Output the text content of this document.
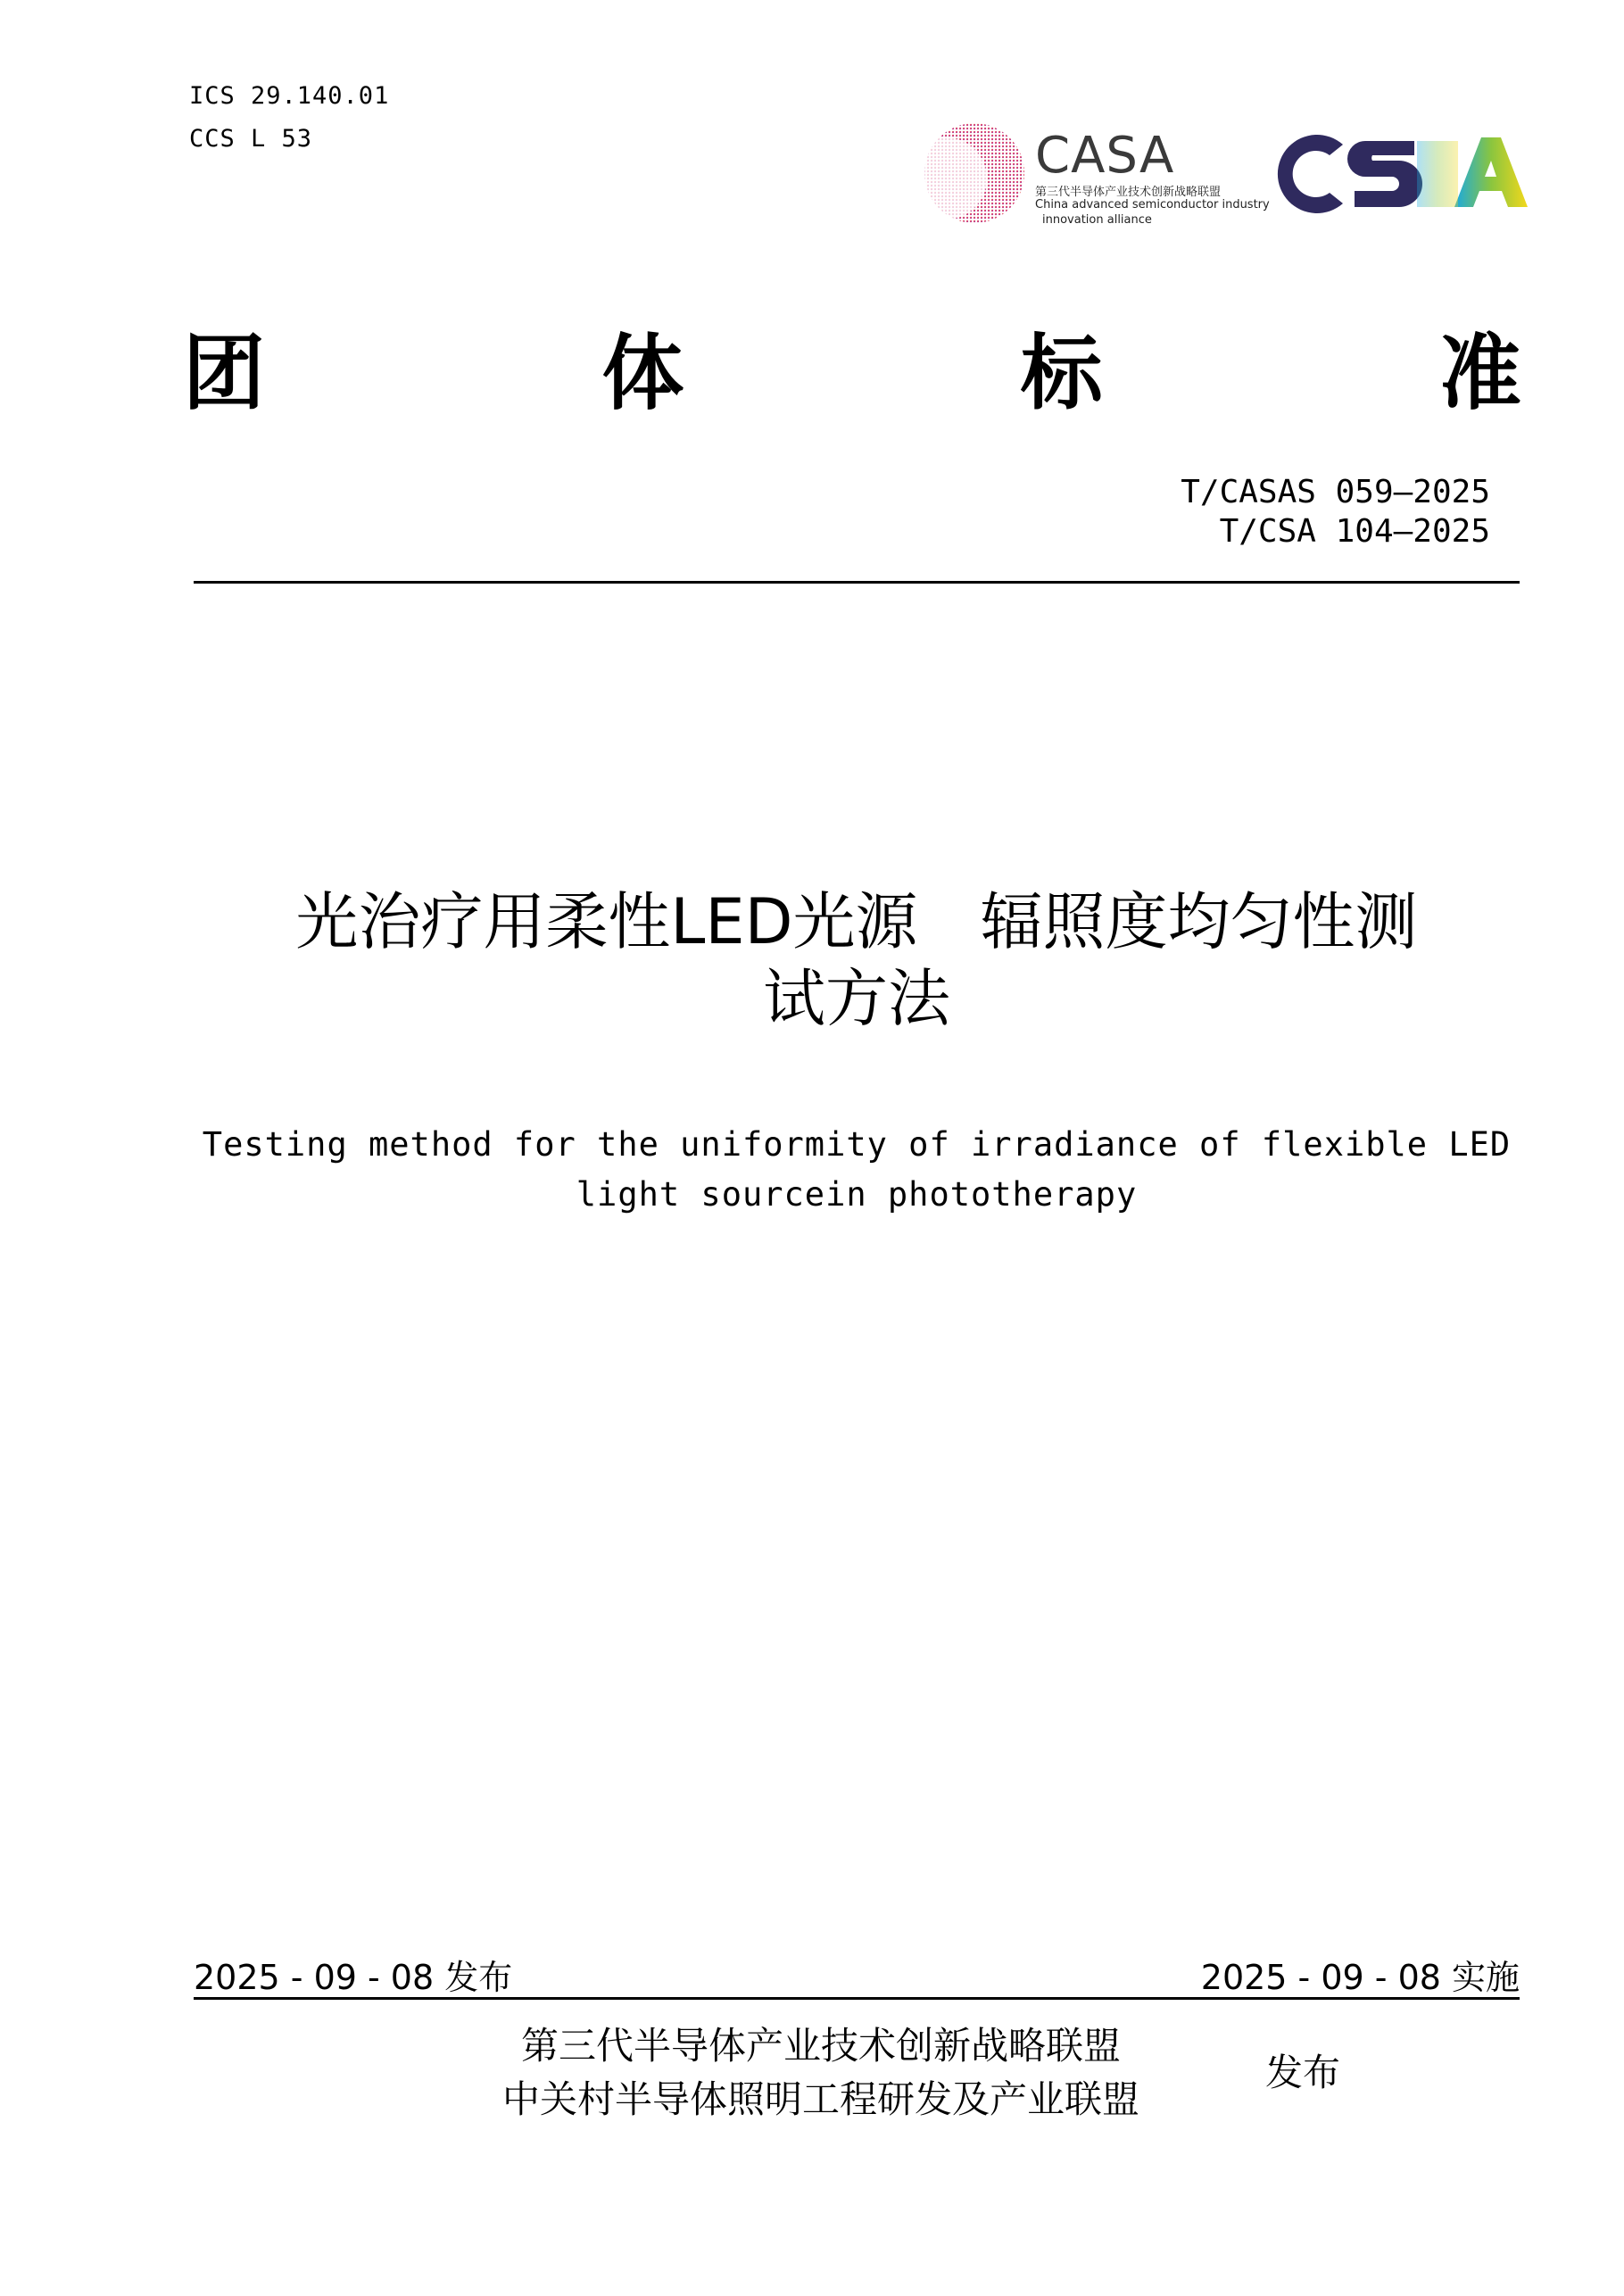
ICS 29.140.01
CCS L 53	CASA
第三代半导体产业技术创新战略联盟
China advanced semiconductor industry
innovation alliance
团	体	标	准
T/CASAS 059—2025
T/CSA 104—2025
光治疗用柔性LED光源　辐照度均匀性测
试方法
Testing method for the uniformity of irradiance of flexible LED
light sourcein phototherapy
2025 - 09 - 08 发布	2025 - 09 - 08 实施
第三代半导体产业技术创新战略联盟
中关村半导体照明工程研发及产业联盟
发布
